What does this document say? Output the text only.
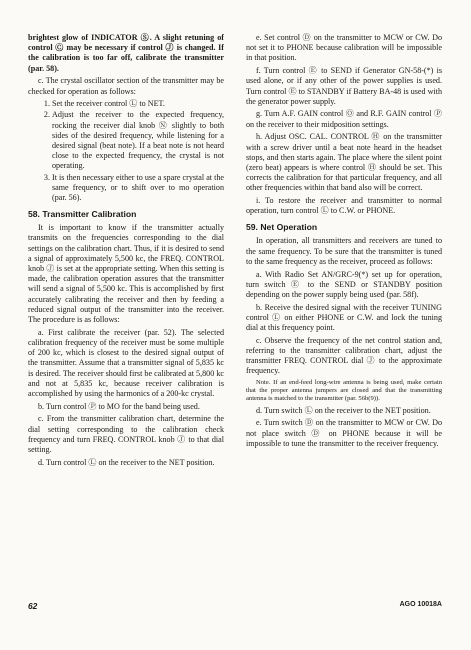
brightest glow of INDICATOR Ⓢ. A slight retuning of control Ⓒ may be necessary if control Ⓙ is changed. If the calibration is too far off, calibrate the transmitter (par. 58).

c. The crystal oscillator section of the transmitter may be checked for operation as follows:

1. Set the receiver control Ⓛ to NET.
2. Adjust the receiver to the expected frequency, rocking the receiver dial knob Ⓝ slightly to both sides of the desired frequency, while listening for a desired signal (beat note). If a beat note is not heard close to the expected frequency, the crystal is not operating.
3. It is then necessary either to use a spare crystal at the same frequency, or to shift over to mo operation (par. 56).
58. Transmitter Calibration

It is important to know if the transmitter actually transmits on the frequencies corresponding to the dial settings on the calibration chart. Thus, if it is desired to send a signal of approximately 5,500 kc, the FREQ. CONTROL knob Ⓙ is set at the appropriate setting. When this setting is made, the calibration operation assures that the transmitter will send a signal of 5,500 kc. This is accomplished by first accurately calibrating the receiver and then by feeding a reduced signal output of the transmitter into the receiver. The procedure is as follows:

a. First calibrate the receiver (par. 52). The selected calibration frequency of the receiver must be some multiple of 200 kc, which is closest to the desired signal output of the transmitter. Assume that a transmitter signal of 5,835 kc is desired. The receiver should first be calibrated at 5,800 kc and not at 5,835 kc, because receiver calibration is accomplished by using the harmonics of a 200-kc crystal.

b. Turn control Ⓟ to MO for the band being used.

c. From the transmitter calibration chart, determine the dial setting corresponding to the calibration check frequency and turn FREQ. CONTROL knob Ⓙ to that dial setting.

d. Turn control Ⓛ on the receiver to the NET position.

e. Set control Ⓓ on the transmitter to MCW or CW. Do not set it to PHONE because calibration will be impossible in that position.

f. Turn control Ⓔ to SEND if Generator GN-58-(*) is used alone, or if any other of the power supplies is used. Turn control Ⓔ to STANDBY if Battery BA-48 is used with the generator power supply.

g. Turn A.F. GAIN control Ⓞ and R.F. GAIN control Ⓟ on the receiver to their midposition settings.

h. Adjust OSC. CAL. CONTROL Ⓗ on the transmitter with a screw driver until a beat note heard in the headset stops, and then starts again. The place where the silent point (zero beat) appears is where control Ⓗ should be set. This corrects the calibration for that particular frequency, and all other frequencies within that band also will be correct.

i. To restore the receiver and transmitter to normal operation, turn control Ⓛ to C.W. or PHONE.

59. Net Operation

In operation, all transmitters and receivers are tuned to the same frequency. To be sure that the transmitter is tuned to the same frequency as the receiver, proceed as follows:

a. With Radio Set AN/GRC-9(*) set up for operation, turn switch Ⓔ to the SEND or STANDBY position depending on the power supply being used (par. 58f).

b. Receive the desired signal with the receiver TUNING control Ⓛ on either PHONE or C.W. and lock the tuning dial at this frequency point.

c. Observe the frequency of the net control station and, referring to the transmitter calibration chart, adjust the transmitter FREQ. CONTROL dial Ⓙ to the approximate frequency.

Note. If an end-feed long-wire antenna is being used, make certain that the proper antenna jumpers are closed and that the transmitting antenna is matched to the transmitter (par. 56b(9)).

d. Turn switch Ⓛ on the receiver to the NET position.

e. Turn switch Ⓓ on the transmitter to MCW or CW. Do not place switch Ⓓ on PHONE because it will be impossible to tune the transmitter to the receiver frequency.

62	AGO 10018A
